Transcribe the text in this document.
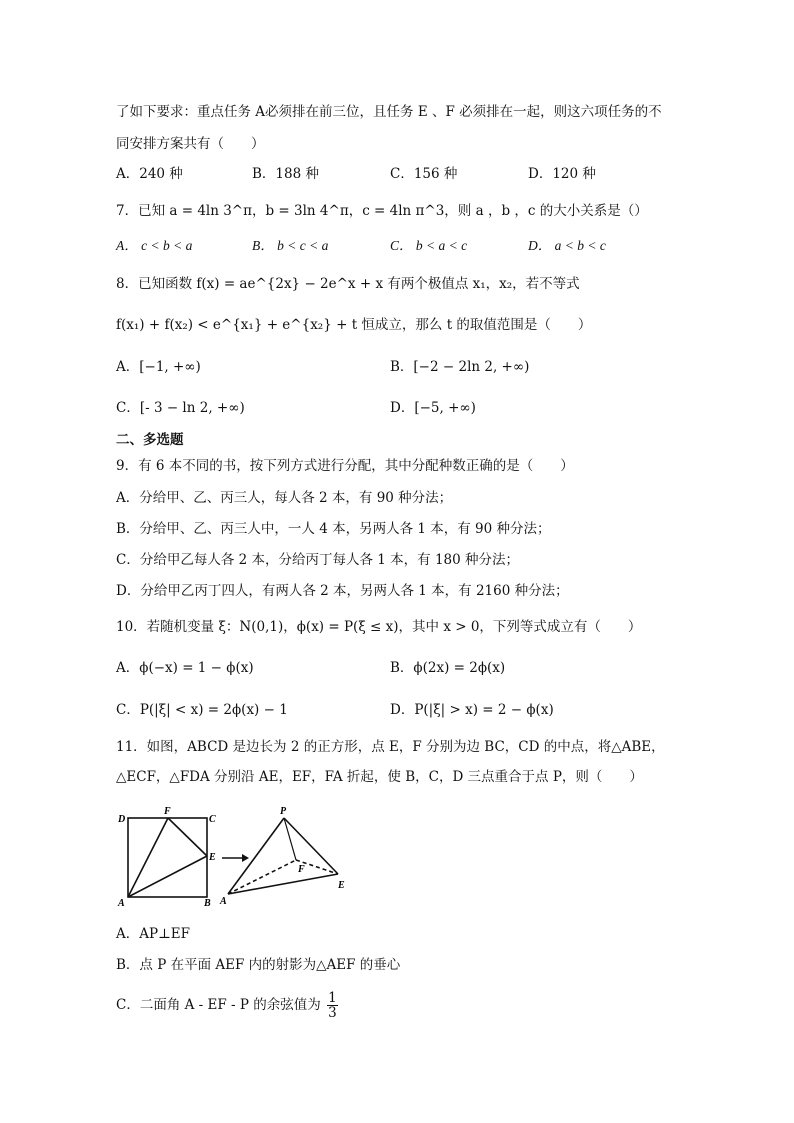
了如下要求：重点任务 A必须排在前三位，且任务 E 、F 必须排在一起，则这六项任务的不
同安排方案共有（　　）
A．240 种	B．188 种	C．156 种	D．120 种
7．已知 a = 4ln 3^π，b = 3ln 4^π，c = 4ln π^3，则 a ，b ，c 的大小关系是（）
A． c < b < a	B． b < c < a	C． b < a < c	D． a < b < c
8．已知函数 f(x) = ae^{2x} − 2e^x + x 有两个极值点 x₁，x₂，若不等式
f(x₁) + f(x₂) < e^{x₁} + e^{x₂} + t 恒成立，那么 t 的取值范围是（　　）
A．[−1, +∞)	B．[−2 − 2ln 2, +∞)
C．[- 3 − ln 2, +∞)	D．[−5, +∞)
二、多选题
9．有 6 本不同的书，按下列方式进行分配，其中分配种数正确的是（　　）
A．分给甲、乙、丙三人，每人各 2 本，有 90 种分法；
B．分给甲、乙、丙三人中，一人 4 本，另两人各 1 本，有 90 种分法；
C．分给甲乙每人各 2 本，分给丙丁每人各 1 本，有 180 种分法；
D．分给甲乙丙丁四人，有两人各 2 本，另两人各 1 本，有 2160 种分法；
10．若随机变量 ξ：N(0,1)，ϕ(x) = P(ξ ≤ x)，其中 x > 0，下列等式成立有（　　）
A．ϕ(−x) = 1 − ϕ(x)	B．ϕ(2x) = 2ϕ(x)
C．P(|ξ| < x) = 2ϕ(x) − 1	D．P(|ξ| > x) = 2 − ϕ(x)
11．如图，ABCD 是边长为 2 的正方形，点 E，F 分别为边 BC，CD 的中点，将△ABE，
△ECF，△FDA 分别沿 AE，EF，FA 折起，使 B，C，D 三点重合于点 P，则（　　）
D
F
C
E
A	B
P
F
E
A
A．AP⊥EF
B．点 P 在平面 AEF 内的射影为△AEF 的垂心
C．二面角 A - EF - P 的余弦值为 $\frac{1}{3}$
